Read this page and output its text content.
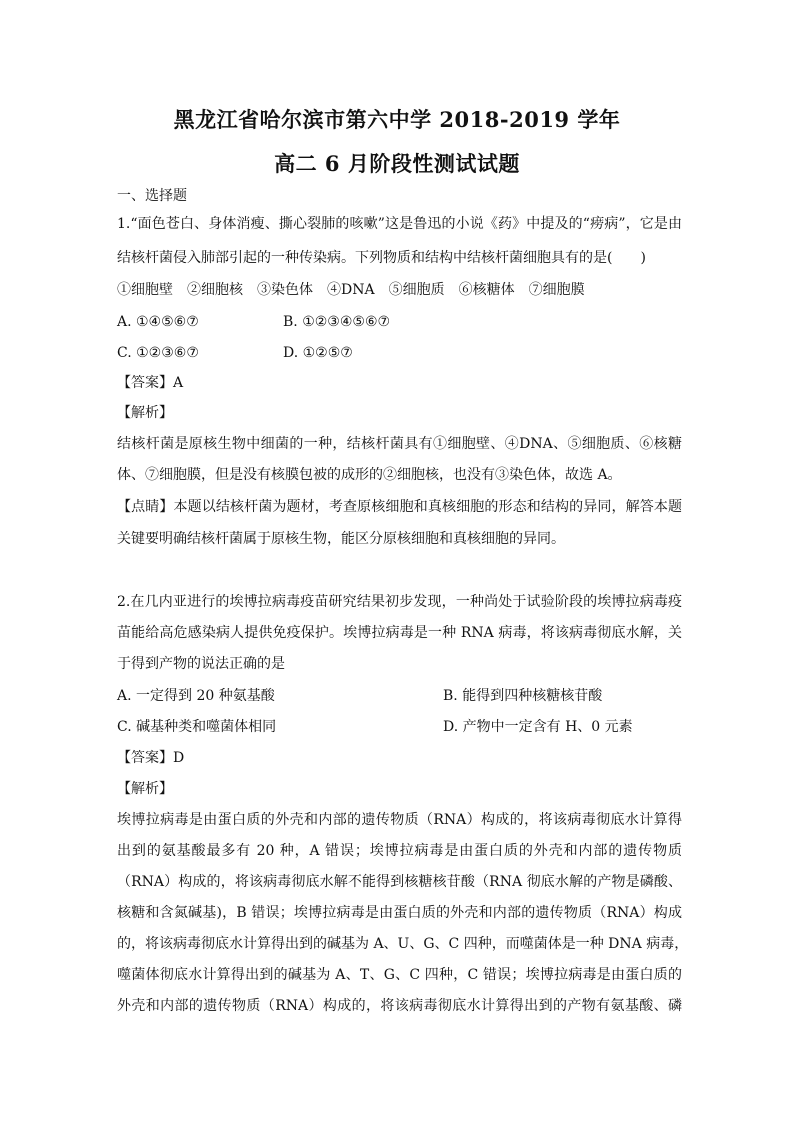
黑龙江省哈尔滨市第六中学 2018-2019 学年
高二 6 月阶段性测试试题

一、选择题

1.“面色苍白、身体消瘦、撕心裂肺的咳嗽”这是鲁迅的小说《药》中提及的“痨病”，它是由

结核杆菌侵入肺部引起的一种传染病。下列物质和结构中结核杆菌细胞具有的是(　　)

①细胞壁　②细胞核　③染色体　④DNA　⑤细胞质　⑥核糖体　⑦细胞膜

A. ①④⑤⑥⑦	B. ①②③④⑤⑥⑦

C. ①②③⑥⑦	D. ①②⑤⑦

【答案】A

【解析】

结核杆菌是原核生物中细菌的一种，结核杆菌具有①细胞壁、④DNA、⑤细胞质、⑥核糖

体、⑦细胞膜，但是没有核膜包被的成形的②细胞核，也没有③染色体，故选 A。

【点睛】本题以结核杆菌为题材，考查原核细胞和真核细胞的形态和结构的异同，解答本题

关键要明确结核杆菌属于原核生物，能区分原核细胞和真核细胞的异同。

2.在几内亚进行的埃博拉病毒疫苗研究结果初步发现，一种尚处于试验阶段的埃博拉病毒疫

苗能给高危感染病人提供免疫保护。埃博拉病毒是一种 RNA 病毒，将该病毒彻底水解，关

于得到产物的说法正确的是

A. 一定得到 20 种氨基酸	B. 能得到四种核糖核苷酸

C. 碱基种类和噬菌体相同	D. 产物中一定含有 H、0 元素

【答案】D

【解析】

埃博拉病毒是由蛋白质的外壳和内部的遗传物质（RNA）构成的，将该病毒彻底水计算得

出到的氨基酸最多有 20 种，A 错误；埃博拉病毒是由蛋白质的外壳和内部的遗传物质

（RNA）构成的，将该病毒彻底水解不能得到核糖核苷酸（RNA 彻底水解的产物是磷酸、

核糖和含氮碱基)，B 错误；埃博拉病毒是由蛋白质的外壳和内部的遗传物质（RNA）构成

的，将该病毒彻底水计算得出到的碱基为 A、U、G、C 四种，而噬菌体是一种 DNA 病毒，

噬菌体彻底水计算得出到的碱基为 A、T、G、C 四种，C 错误；埃博拉病毒是由蛋白质的

外壳和内部的遗传物质（RNA）构成的，将该病毒彻底水计算得出到的产物有氨基酸、磷
